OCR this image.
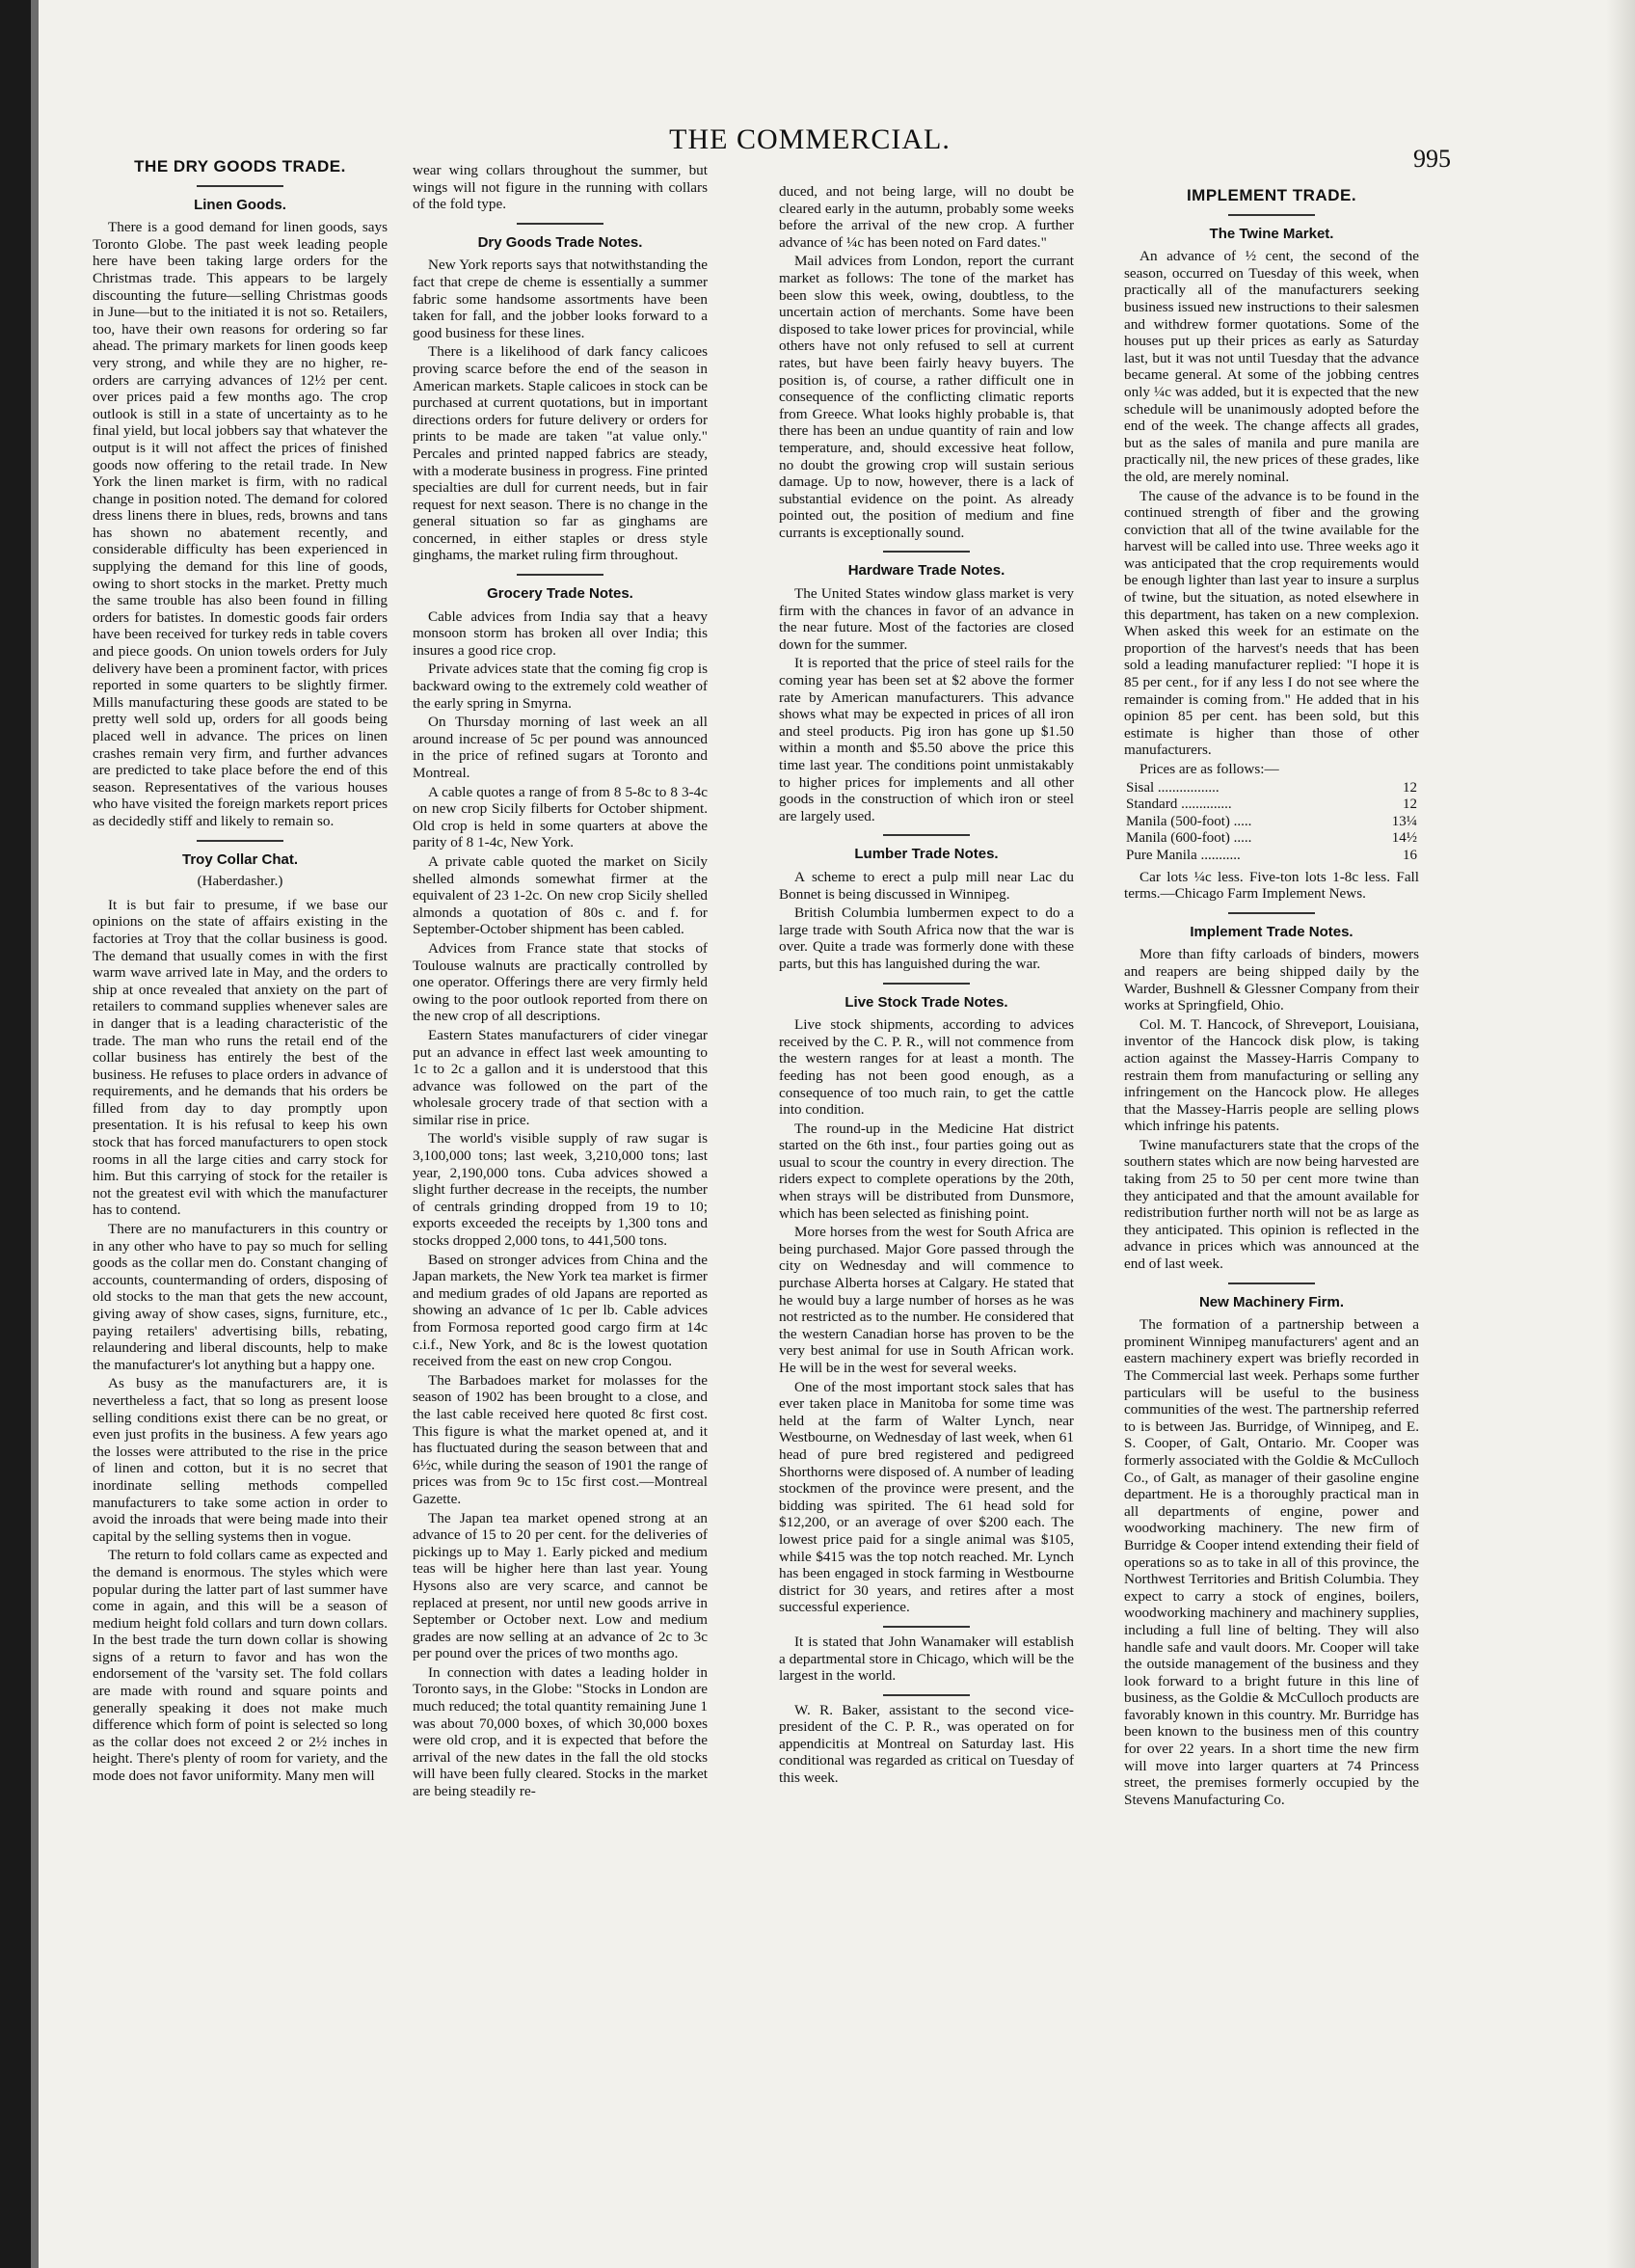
THE COMMERCIAL.
995
THE DRY GOODS TRADE.
Linen Goods.

There is a good demand for linen goods, says Toronto Globe. The past week leading people here have been taking large orders for the Christmas trade. This appears to be largely discounting the future—selling Christmas goods in June—but to the initiated it is not so. Retailers, too, have their own reasons for ordering so far ahead. The primary markets for linen goods keep very strong, and while they are no higher, re-orders are carrying advances of 12½ per cent. over prices paid a few months ago. The crop outlook is still in a state of uncertainty as to he final yield, but local jobbers say that whatever the output is it will not affect the prices of finished goods now offering to the retail trade. In New York the linen market is firm, with no radical change in position noted. The demand for colored dress linens there in blues, reds, browns and tans has shown no abatement recently, and considerable difficulty has been experienced in supplying the demand for this line of goods, owing to short stocks in the market. Pretty much the same trouble has also been found in filling orders for batistes. In domestic goods fair orders have been received for turkey reds in table covers and piece goods. On union towels orders for July delivery have been a prominent factor, with prices reported in some quarters to be slightly firmer. Mills manufacturing these goods are stated to be pretty well sold up, orders for all goods being placed well in advance. The prices on linen crashes remain very firm, and further advances are predicted to take place before the end of this season. Representatives of the various houses who have visited the foreign markets report prices as decidedly stiff and likely to remain so.

Troy Collar Chat.
(Haberdasher.)

It is but fair to presume, if we base our opinions on the state of affairs existing in the factories at Troy that the collar business is good. The demand that usually comes in with the first warm wave arrived late in May, and the orders to ship at once revealed that anxiety on the part of retailers to command supplies whenever sales are in danger that is a leading characteristic of the trade. The man who runs the retail end of the collar business has entirely the best of the business. He refuses to place orders in advance of requirements, and he demands that his orders be filled from day to day promptly upon presentation. It is his refusal to keep his own stock that has forced manufacturers to open stock rooms in all the large cities and carry stock for him. But this carrying of stock for the retailer is not the greatest evil with which the manufacturer has to contend.

There are no manufacturers in this country or in any other who have to pay so much for selling goods as the collar men do. Constant changing of accounts, countermanding of orders, disposing of old stocks to the man that gets the new account, giving away of show cases, signs, furniture, etc., paying retailers' advertising bills, rebating, relaundering and liberal discounts, help to make the manufacturer's lot anything but a happy one.

As busy as the manufacturers are, it is nevertheless a fact, that so long as present loose selling conditions exist there can be no great, or even just profits in the business. A few years ago the losses were attributed to the rise in the price of linen and cotton, but it is no secret that inordinate selling methods compelled manufacturers to take some action in order to avoid the inroads that were being made into their capital by the selling systems then in vogue.

The return to fold collars came as expected and the demand is enormous. The styles which were popular during the latter part of last summer have come in again, and this will be a season of medium height fold collars and turn down collars. In the best trade the turn down collar is showing signs of a return to favor and has won the endorsement of the 'varsity set. The fold collars are made with round and square points and generally speaking it does not make much difference which form of point is selected so long as the collar does not exceed 2 or 2½ inches in height. There's plenty of room for variety, and the mode does not favor uniformity. Many men will

wear wing collars throughout the summer, but wings will not figure in the running with collars of the fold type.

Dry Goods Trade Notes.

New York reports says that notwithstanding the fact that crepe de cheme is essentially a summer fabric some handsome assortments have been taken for fall, and the jobber looks forward to a good business for these lines.

There is a likelihood of dark fancy calicoes proving scarce before the end of the season in American markets. Staple calicoes in stock can be purchased at current quotations, but in important directions orders for future delivery or orders for prints to be made are taken "at value only." Percales and printed napped fabrics are steady, with a moderate business in progress. Fine printed specialties are dull for current needs, but in fair request for next season. There is no change in the general situation so far as ginghams are concerned, in either staples or dress style ginghams, the market ruling firm throughout.

Grocery Trade Notes.

Cable advices from India say that a heavy monsoon storm has broken all over India; this insures a good rice crop.

Private advices state that the coming fig crop is backward owing to the extremely cold weather of the early spring in Smyrna.

On Thursday morning of last week an all around increase of 5c per pound was announced in the price of refined sugars at Toronto and Montreal.

A cable quotes a range of from 8 5-8c to 8 3-4c on new crop Sicily filberts for October shipment. Old crop is held in some quarters at above the parity of 8 1-4c, New York.

A private cable quoted the market on Sicily shelled almonds somewhat firmer at the equivalent of 23 1-2c. On new crop Sicily shelled almonds a quotation of 80s c. and f. for September-October shipment has been cabled.

Advices from France state that stocks of Toulouse walnuts are practically controlled by one operator. Offerings there are very firmly held owing to the poor outlook reported from there on the new crop of all descriptions.

Eastern States manufacturers of cider vinegar put an advance in effect last week amounting to 1c to 2c a gallon and it is understood that this advance was followed on the part of the wholesale grocery trade of that section with a similar rise in price.

The world's visible supply of raw sugar is 3,100,000 tons; last week, 3,210,000 tons; last year, 2,190,000 tons. Cuba advices showed a slight further decrease in the receipts, the number of centrals grinding dropped from 19 to 10; exports exceeded the receipts by 1,300 tons and stocks dropped 2,000 tons, to 441,500 tons.

Based on stronger advices from China and the Japan markets, the New York tea market is firmer and medium grades of old Japans are reported as showing an advance of 1c per lb. Cable advices from Formosa reported good cargo firm at 14c c.i.f., New York, and 8c is the lowest quotation received from the east on new crop Congou.

The Barbadoes market for molasses for the season of 1902 has been brought to a close, and the last cable received here quoted 8c first cost. This figure is what the market opened at, and it has fluctuated during the season between that and 6½c, while during the season of 1901 the range of prices was from 9c to 15c first cost.—Montreal Gazette.

The Japan tea market opened strong at an advance of 15 to 20 per cent. for the deliveries of pickings up to May 1. Early picked and medium teas will be higher here than last year. Young Hysons also are very scarce, and cannot be replaced at present, nor until new goods arrive in September or October next. Low and medium grades are now selling at an advance of 2c to 3c per pound over the prices of two months ago.

In connection with dates a leading holder in Toronto says, in the Globe: "Stocks in London are much reduced; the total quantity remaining June 1 was about 70,000 boxes, of which 30,000 boxes were old crop, and it is expected that before the arrival of the new dates in the fall the old stocks will have been fully cleared. Stocks in the market are being steadily re-

duced, and not being large, will no doubt be cleared early in the autumn, probably some weeks before the arrival of the new crop. A further advance of ¼c has been noted on Fard dates."

Mail advices from London, report the currant market as follows: The tone of the market has been slow this week, owing, doubtless, to the uncertain action of merchants. Some have been disposed to take lower prices for provincial, while others have not only refused to sell at current rates, but have been fairly heavy buyers. The position is, of course, a rather difficult one in consequence of the conflicting climatic reports from Greece. What looks highly probable is, that there has been an undue quantity of rain and low temperature, and, should excessive heat follow, no doubt the growing crop will sustain serious damage. Up to now, however, there is a lack of substantial evidence on the point. As already pointed out, the position of medium and fine currants is exceptionally sound.

Hardware Trade Notes.

The United States window glass market is very firm with the chances in favor of an advance in the near future. Most of the factories are closed down for the summer.

It is reported that the price of steel rails for the coming year has been set at $2 above the former rate by American manufacturers. This advance shows what may be expected in prices of all iron and steel products. Pig iron has gone up $1.50 within a month and $5.50 above the price this time last year. The conditions point unmistakably to higher prices for implements and all other goods in the construction of which iron or steel are largely used.

Lumber Trade Notes.

A scheme to erect a pulp mill near Lac du Bonnet is being discussed in Winnipeg.

British Columbia lumbermen expect to do a large trade with South Africa now that the war is over. Quite a trade was formerly done with these parts, but this has languished during the war.

Live Stock Trade Notes.

Live stock shipments, according to advices received by the C. P. R., will not commence from the western ranges for at least a month. The feeding has not been good enough, as a consequence of too much rain, to get the cattle into condition.

The round-up in the Medicine Hat district started on the 6th inst., four parties going out as usual to scour the country in every direction. The riders expect to complete operations by the 20th, when strays will be distributed from Dunsmore, which has been selected as finishing point.

More horses from the west for South Africa are being purchased. Major Gore passed through the city on Wednesday and will commence to purchase Alberta horses at Calgary. He stated that he would buy a large number of horses as he was not restricted as to the number. He considered that the western Canadian horse has proven to be the very best animal for use in South African work. He will be in the west for several weeks.

One of the most important stock sales that has ever taken place in Manitoba for some time was held at the farm of Walter Lynch, near Westbourne, on Wednesday of last week, when 61 head of pure bred registered and pedigreed Shorthorns were disposed of. A number of leading stockmen of the province were present, and the bidding was spirited. The 61 head sold for $12,200, or an average of over $200 each. The lowest price paid for a single animal was $105, while $415 was the top notch reached. Mr. Lynch has been engaged in stock farming in Westbourne district for 30 years, and retires after a most successful experience.

It is stated that John Wanamaker will establish a departmental store in Chicago, which will be the largest in the world.

W. R. Baker, assistant to the second vice-president of the C. P. R., was operated on for appendicitis at Montreal on Saturday last. His conditional was regarded as critical on Tuesday of this week.

IMPLEMENT TRADE.
The Twine Market.

An advance of ½ cent, the second of the season, occurred on Tuesday of this week, when practically all of the manufacturers seeking business issued new instructions to their salesmen and withdrew former quotations. Some of the houses put up their prices as early as Saturday last, but it was not until Tuesday that the advance became general. At some of the jobbing centres only ¼c was added, but it is expected that the new schedule will be unanimously adopted before the end of the week. The change affects all grades, but as the sales of manila and pure manila are practically nil, the new prices of these grades, like the old, are merely nominal.

The cause of the advance is to be found in the continued strength of fiber and the growing conviction that all of the twine available for the harvest will be called into use. Three weeks ago it was anticipated that the crop requirements would be enough lighter than last year to insure a surplus of twine, but the situation, as noted elsewhere in this department, has taken on a new complexion. When asked this week for an estimate on the proportion of the harvest's needs that has been sold a leading manufacturer replied: "I hope it is 85 per cent., for if any less I do not see where the remainder is coming from." He added that in his opinion 85 per cent. has been sold, but this estimate is higher than those of other manufacturers.

Prices are as follows:—

Sisal .................	12
Standard ..............	12
Manila (500-foot) .....	13¼
Manila (600-foot) .....	14½
Pure Manila ...........	16

Car lots ¼c less. Five-ton lots 1-8c less. Fall terms.—Chicago Farm Implement News.

Implement Trade Notes.

More than fifty carloads of binders, mowers and reapers are being shipped daily by the Warder, Bushnell & Glessner Company from their works at Springfield, Ohio.

Col. M. T. Hancock, of Shreveport, Louisiana, inventor of the Hancock disk plow, is taking action against the Massey-Harris Company to restrain them from manufacturing or selling any infringement on the Hancock plow. He alleges that the Massey-Harris people are selling plows which infringe his patents.

Twine manufacturers state that the crops of the southern states which are now being harvested are taking from 25 to 50 per cent more twine than they anticipated and that the amount available for redistribution further north will not be as large as they anticipated. This opinion is reflected in the advance in prices which was announced at the end of last week.

New Machinery Firm.

The formation of a partnership between a prominent Winnipeg manufacturers' agent and an eastern machinery expert was briefly recorded in The Commercial last week. Perhaps some further particulars will be useful to the business communities of the west. The partnership referred to is between Jas. Burridge, of Winnipeg, and E. S. Cooper, of Galt, Ontario. Mr. Cooper was formerly associated with the Goldie & McCulloch Co., of Galt, as manager of their gasoline engine department. He is a thoroughly practical man in all departments of engine, power and woodworking machinery. The new firm of Burridge & Cooper intend extending their field of operations so as to take in all of this province, the Northwest Territories and British Columbia. They expect to carry a stock of engines, boilers, woodworking machinery and machinery supplies, including a full line of belting. They will also handle safe and vault doors. Mr. Cooper will take the outside management of the business and they look forward to a bright future in this line of business, as the Goldie & McCulloch products are favorably known in this country. Mr. Burridge has been known to the business men of this country for over 22 years. In a short time the new firm will move into larger quarters at 74 Princess street, the premises formerly occupied by the Stevens Manufacturing Co.
